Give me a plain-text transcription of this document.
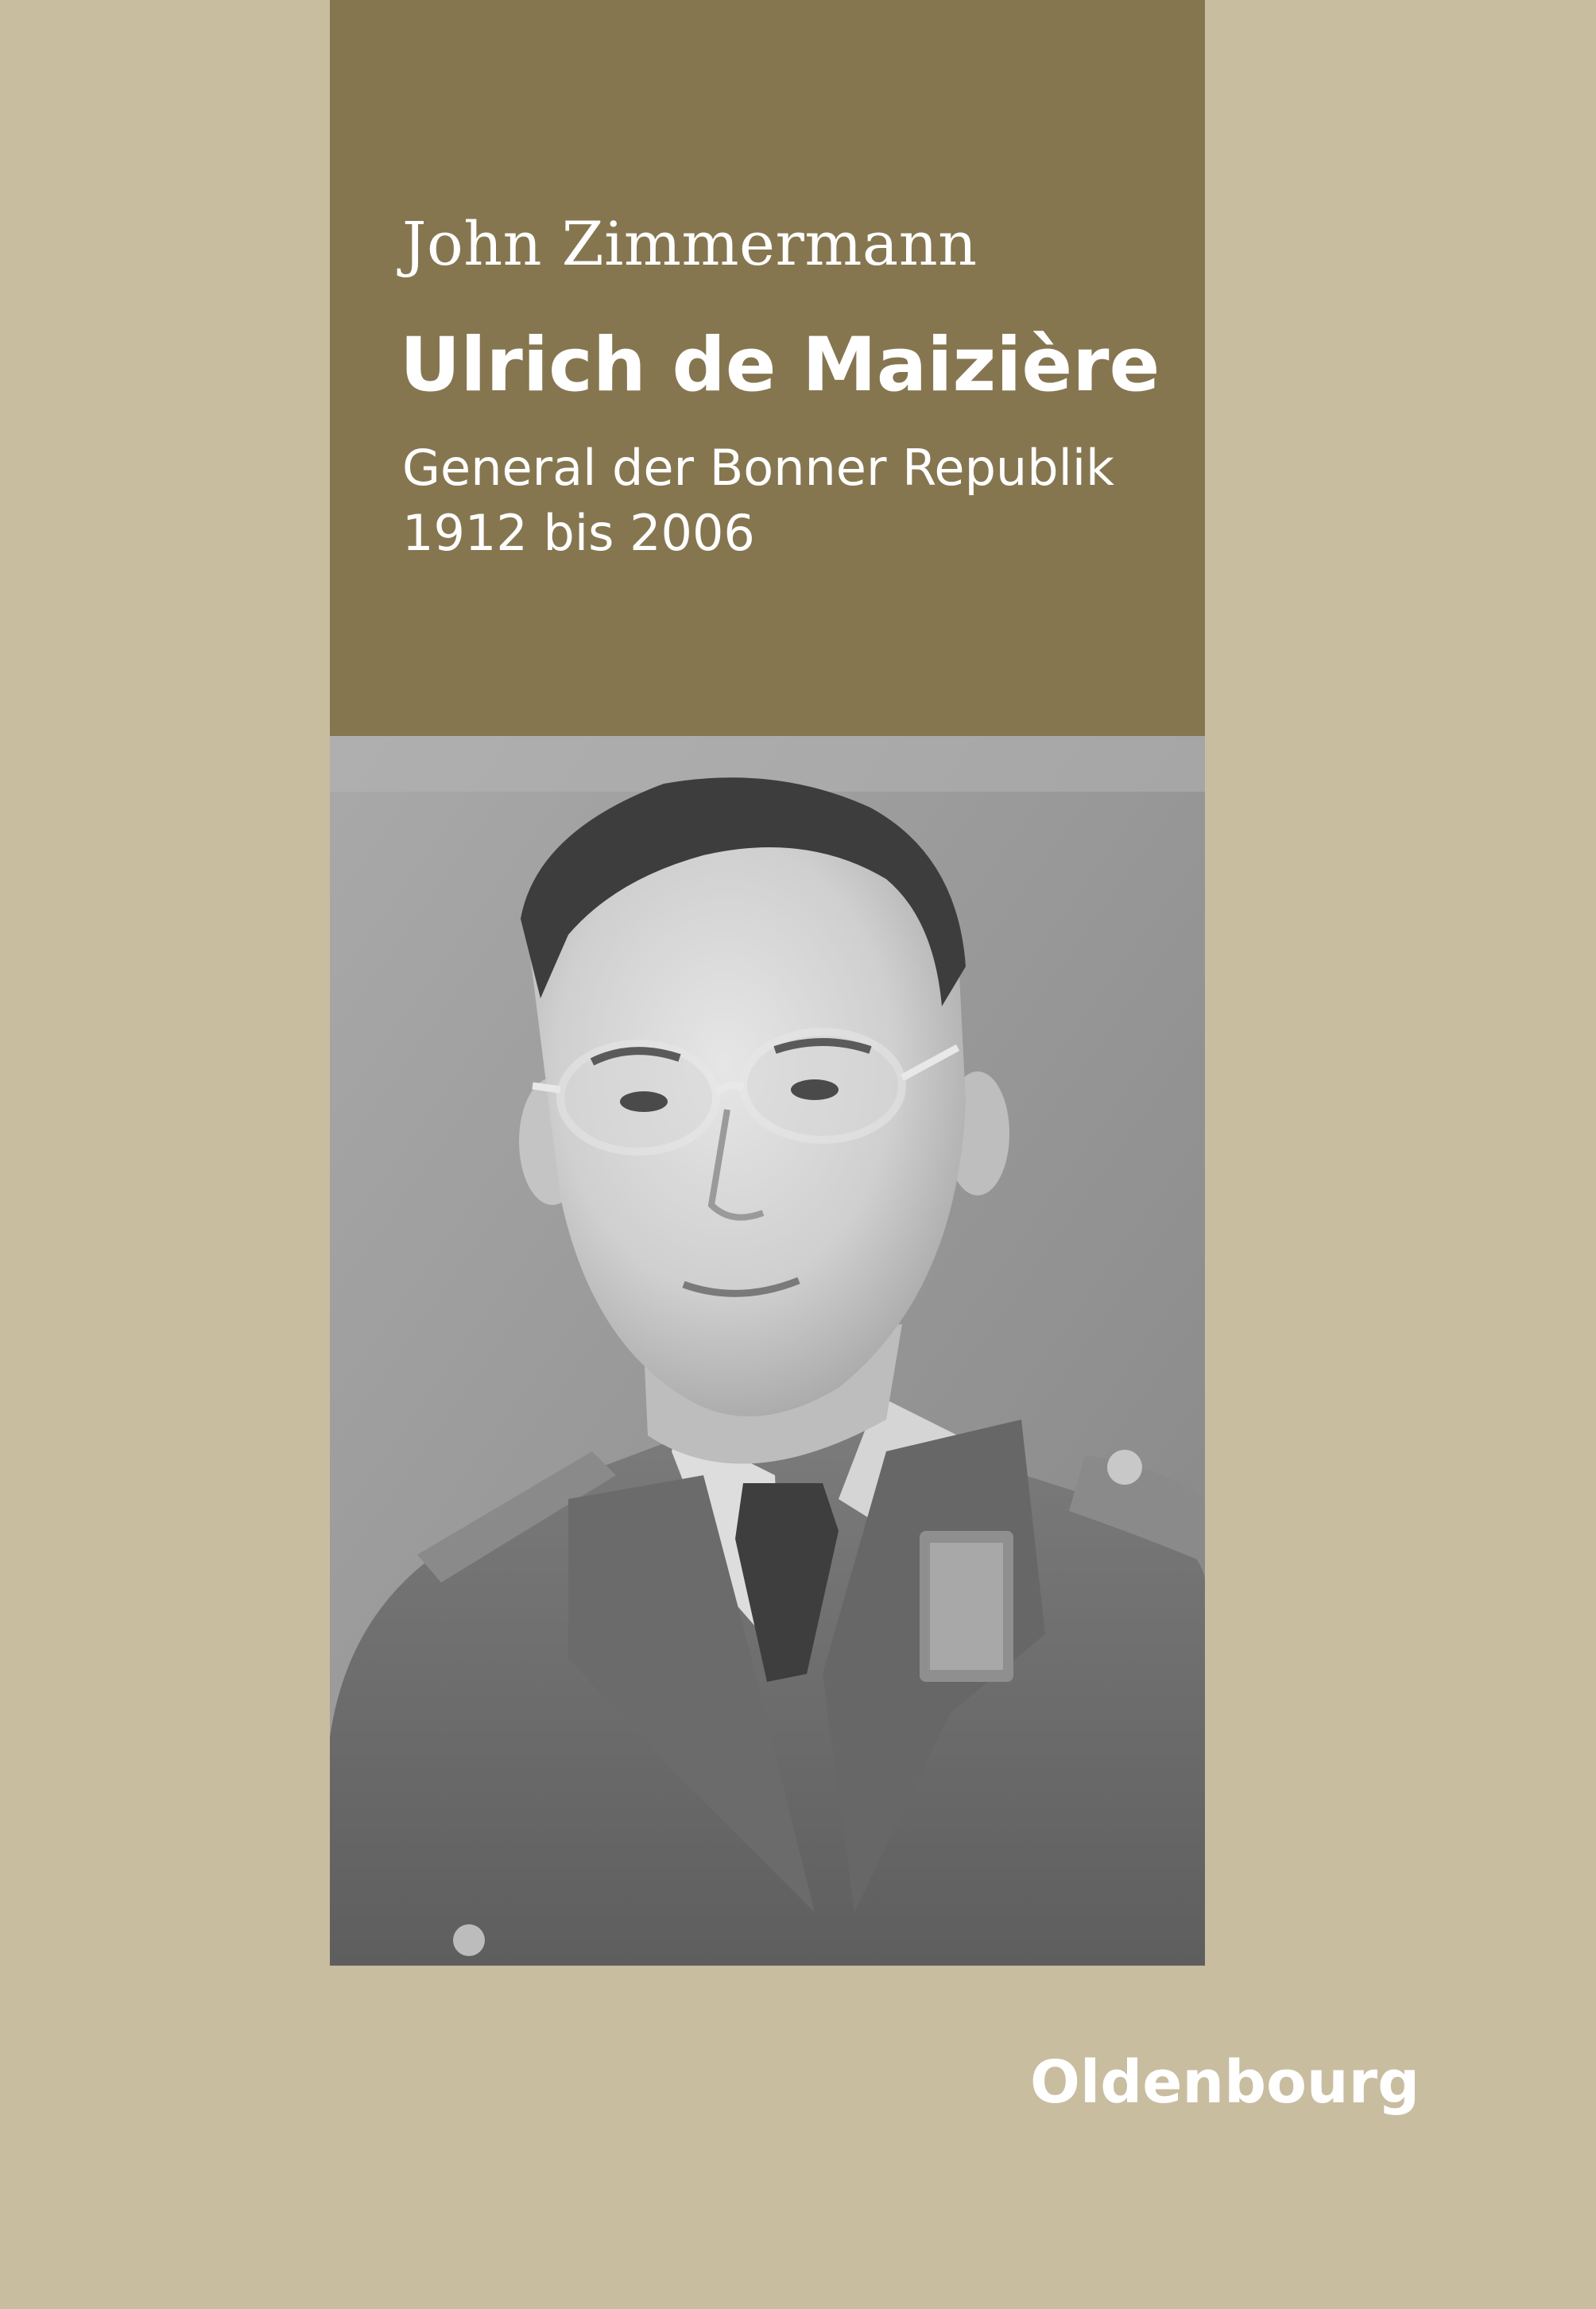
John Zimmermann
Ulrich de Maizière
General der Bonner Republik
1912 bis 2006
Oldenbourg
